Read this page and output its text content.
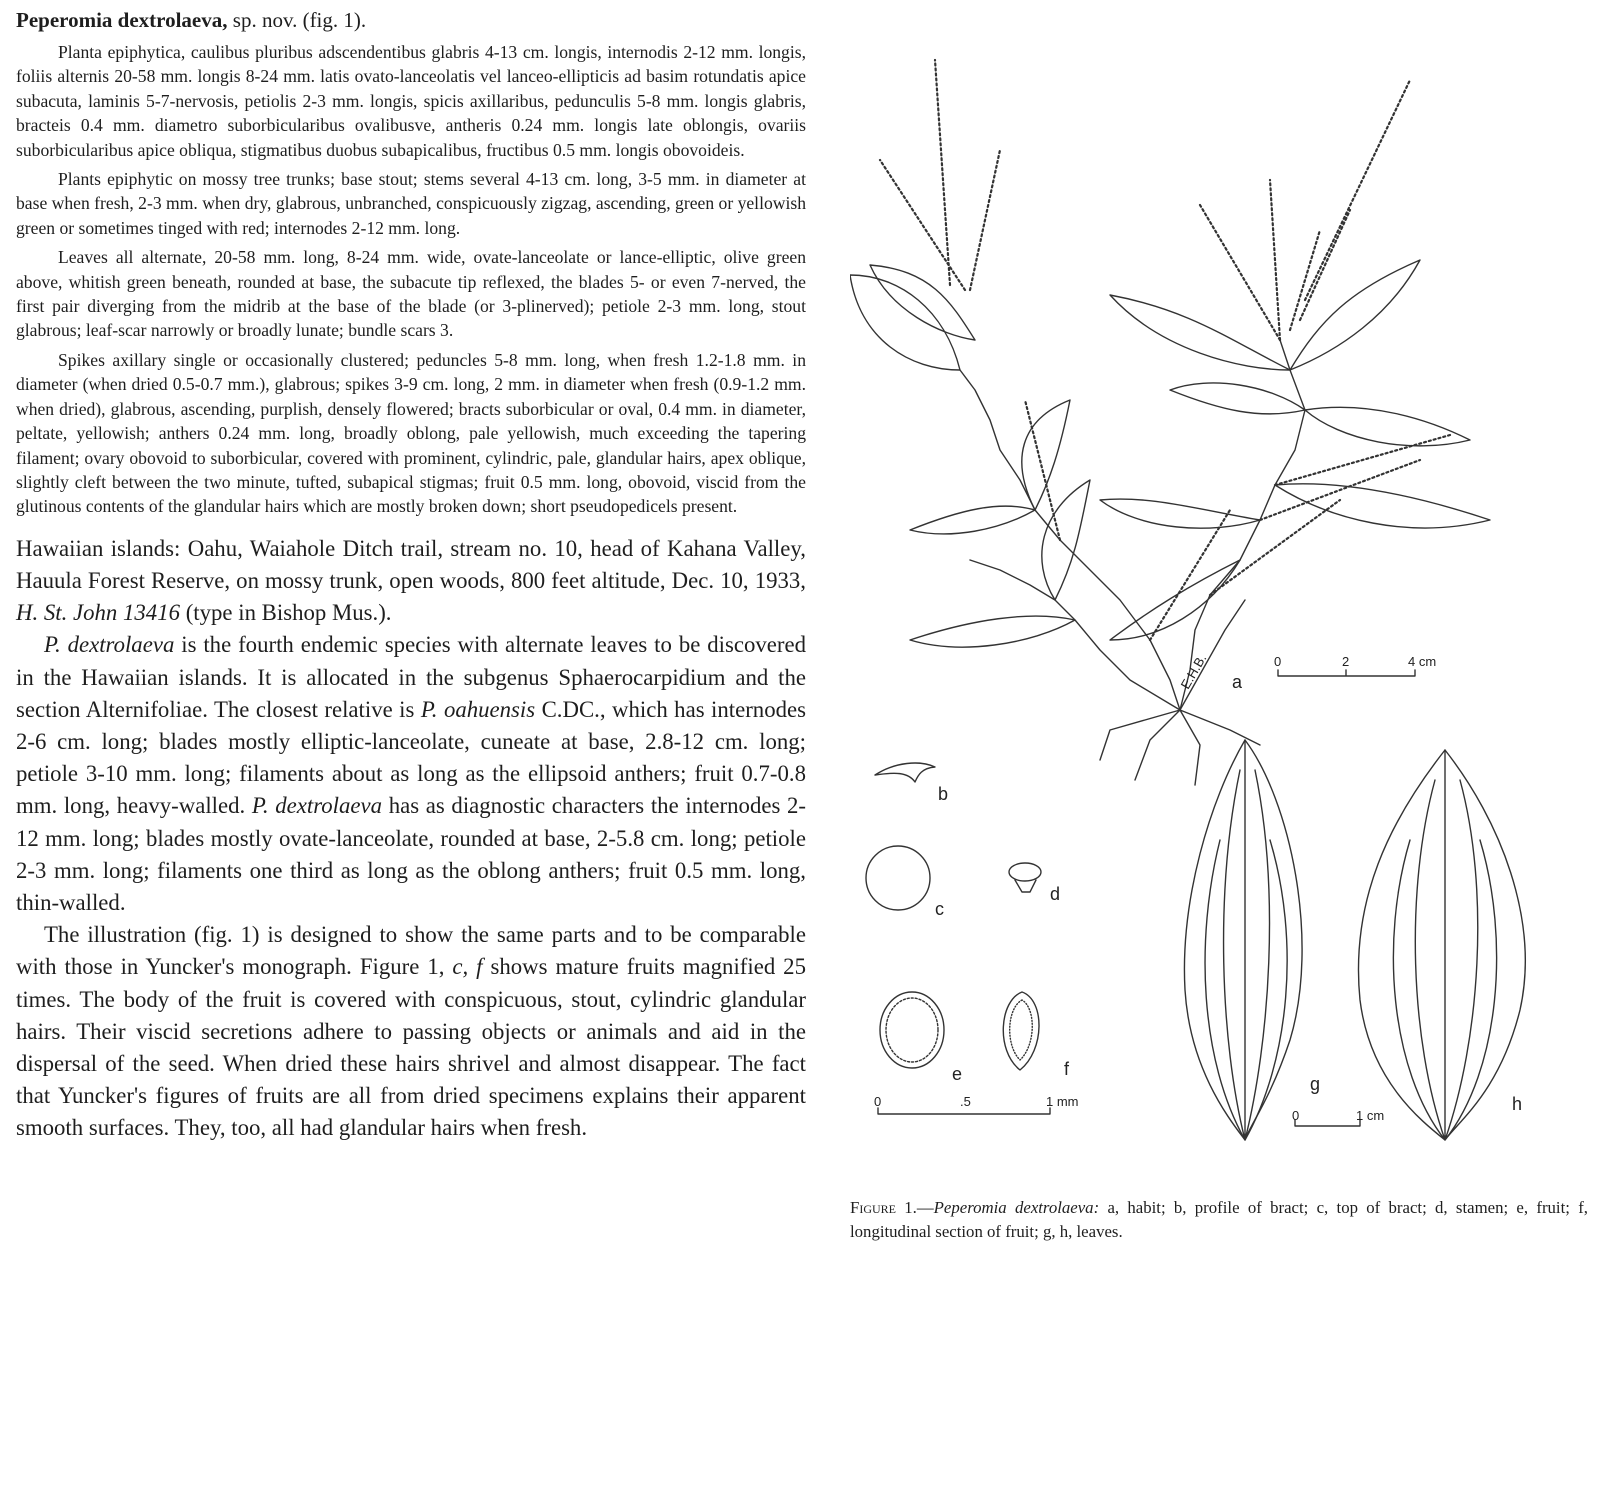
Peperomia dextrolaeva, sp. nov. (fig. 1).

Planta epiphytica, caulibus pluribus adscendentibus glabris 4-13 cm. longis, internodis 2-12 mm. longis, foliis alternis 20-58 mm. longis 8-24 mm. latis ovato-lanceolatis vel lanceo-ellipticis ad basim rotundatis apice subacuta, laminis 5-7-nervosis, petiolis 2-3 mm. longis, spicis axillaribus, pedunculis 5-8 mm. longis glabris, bracteis 0.4 mm. diametro suborbicularibus ovalibusve, antheris 0.24 mm. longis late oblongis, ovariis suborbicularibus apice obliqua, stigmatibus duobus subapicalibus, fructibus 0.5 mm. longis obovoideis.

Plants epiphytic on mossy tree trunks; base stout; stems several 4-13 cm. long, 3-5 mm. in diameter at base when fresh, 2-3 mm. when dry, glabrous, unbranched, conspicuously zigzag, ascending, green or yellowish green or sometimes tinged with red; internodes 2-12 mm. long.

Leaves all alternate, 20-58 mm. long, 8-24 mm. wide, ovate-lanceolate or lance-elliptic, olive green above, whitish green beneath, rounded at base, the subacute tip reflexed, the blades 5- or even 7-nerved, the first pair diverging from the midrib at the base of the blade (or 3-plinerved); petiole 2-3 mm. long, stout glabrous; leaf-scar narrowly or broadly lunate; bundle scars 3.

Spikes axillary single or occasionally clustered; peduncles 5-8 mm. long, when fresh 1.2-1.8 mm. in diameter (when dried 0.5-0.7 mm.), glabrous; spikes 3-9 cm. long, 2 mm. in diameter when fresh (0.9-1.2 mm. when dried), glabrous, ascending, purplish, densely flowered; bracts suborbicular or oval, 0.4 mm. in diameter, peltate, yellowish; anthers 0.24 mm. long, broadly oblong, pale yellowish, much exceeding the tapering filament; ovary obovoid to suborbicular, covered with prominent, cylindric, pale, glandular hairs, apex oblique, slightly cleft between the two minute, tufted, subapical stigmas; fruit 0.5 mm. long, obovoid, viscid from the glutinous contents of the glandular hairs which are mostly broken down; short pseudopedicels present.

Hawaiian islands: Oahu, Waiahole Ditch trail, stream no. 10, head of Kahana Valley, Hauula Forest Reserve, on mossy trunk, open woods, 800 feet altitude, Dec. 10, 1933, H. St. John 13416 (type in Bishop Mus.).

P. dextrolaeva is the fourth endemic species with alternate leaves to be discovered in the Hawaiian islands. It is allocated in the subgenus Sphaerocarpidium and the section Alternifoliae. The closest relative is P. oahuensis C.DC., which has internodes 2-6 cm. long; blades mostly elliptic-lanceolate, cuneate at base, 2.8-12 cm. long; petiole 3-10 mm. long; filaments about as long as the ellipsoid anthers; fruit 0.7-0.8 mm. long, heavy-walled. P. dextrolaeva has as diagnostic characters the internodes 2-12 mm. long; blades mostly ovate-lanceolate, rounded at base, 2-5.8 cm. long; petiole 2-3 mm. long; filaments one third as long as the oblong anthers; fruit 0.5 mm. long, thin-walled.

The illustration (fig. 1) is designed to show the same parts and to be comparable with those in Yuncker's monograph. Figure 1, c, f shows mature fruits magnified 25 times. The body of the fruit is covered with conspicuous, stout, cylindric glandular hairs. Their viscid secretions adhere to passing objects or animals and aid in the dispersal of the seed. When dried these hairs shrivel and almost disappear. The fact that Yuncker's figures of fruits are all from dried specimens explains their apparent smooth surfaces. They, too, all had glandular hairs when fresh.

a
E.H.B.	0	2	4 cm
b
c
d
e	f
0	.5	1 mm
g
h
0	1 cm
Figure 1.—Peperomia dextrolaeva: a, habit; b, profile of bract; c, top of bract; d, stamen; e, fruit; f, longitudinal section of fruit; g, h, leaves.
